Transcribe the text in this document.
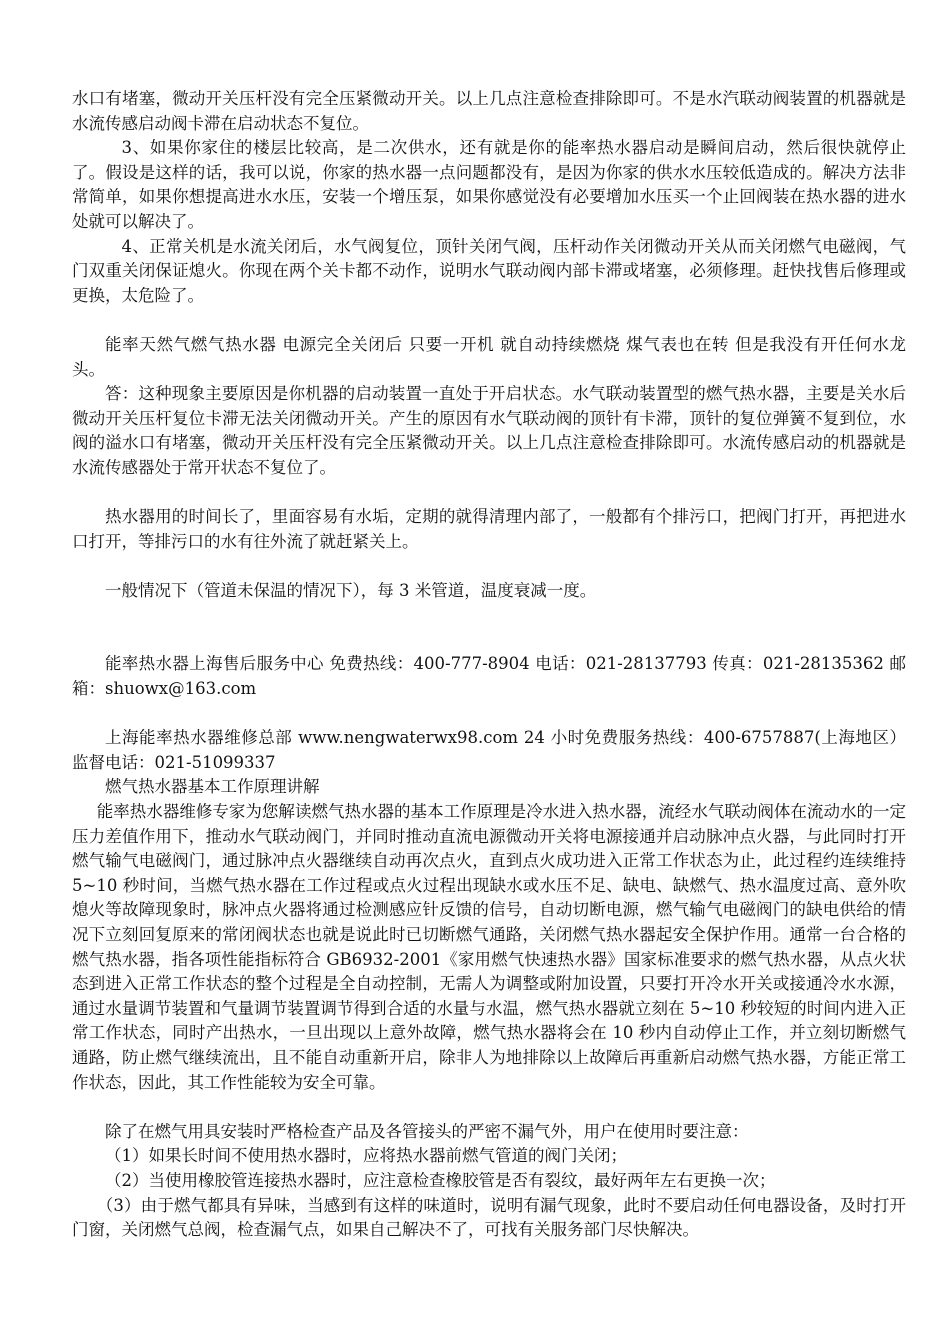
水口有堵塞，微动开关压杆没有完全压紧微动开关。以上几点注意检查排除即可。不是水汽联动阀装置的机器就是水流传感启动阀卡滞在启动状态不复位。

3、如果你家住的楼层比较高，是二次供水，还有就是你的能率热水器启动是瞬间启动，然后很快就停止了。假设是这样的话，我可以说，你家的热水器一点问题都没有，是因为你家的供水水压较低造成的。解决方法非常简单，如果你想提高进水水压，安装一个增压泵，如果你感觉没有必要增加水压买一个止回阀装在热水器的进水处就可以解决了。

4、正常关机是水流关闭后，水气阀复位，顶针关闭气阀，压杆动作关闭微动开关从而关闭燃气电磁阀，气门双重关闭保证熄火。你现在两个关卡都不动作，说明水气联动阀内部卡滞或堵塞，必须修理。赶快找售后修理或更换，太危险了。

能率天然气燃气热水器 电源完全关闭后 只要一开机 就自动持续燃烧 煤气表也在转 但是我没有开任何水龙头。

答：这种现象主要原因是你机器的启动装置一直处于开启状态。水气联动装置型的燃气热水器，主要是关水后微动开关压杆复位卡滞无法关闭微动开关。产生的原因有水气联动阀的顶针有卡滞，顶针的复位弹簧不复到位，水阀的溢水口有堵塞，微动开关压杆没有完全压紧微动开关。以上几点注意检查排除即可。水流传感启动的机器就是水流传感器处于常开状态不复位了。

热水器用的时间长了，里面容易有水垢，定期的就得清理内部了，一般都有个排污口，把阀门打开，再把进水口打开，等排污口的水有往外流了就赶紧关上。

一般情况下（管道未保温的情况下），每 3 米管道，温度衰减一度。

能率热水器上海售后服务中心 免费热线：400-777-8904 电话：021-28137793 传真：021-28135362 邮箱：shuowx@163.com

上海能率热水器维修总部 www.nengwaterwx98.com 24 小时免费服务热线：400-6757887(上海地区） 监督电话：021-51099337

燃气热水器基本工作原理讲解

能率热水器维修专家为您解读燃气热水器的基本工作原理是冷水进入热水器，流经水气联动阀体在流动水的一定压力差值作用下，推动水气联动阀门，并同时推动直流电源微动开关将电源接通并启动脉冲点火器，与此同时打开燃气输气电磁阀门，通过脉冲点火器继续自动再次点火，直到点火成功进入正常工作状态为止，此过程约连续维持 5~10 秒时间，当燃气热水器在工作过程或点火过程出现缺水或水压不足、缺电、缺燃气、热水温度过高、意外吹熄火等故障现象时，脉冲点火器将通过检测感应针反馈的信号，自动切断电源，燃气输气电磁阀门的缺电供给的情况下立刻回复原来的常闭阀状态也就是说此时已切断燃气通路，关闭燃气热水器起安全保护作用。通常一台合格的燃气热水器，指各项性能指标符合 GB6932-2001《家用燃气快速热水器》国家标准要求的燃气热水器，从点火状态到进入正常工作状态的整个过程是全自动控制，无需人为调整或附加设置，只要打开冷水开关或接通冷水水源，通过水量调节装置和气量调节装置调节得到合适的水量与水温，燃气热水器就立刻在 5~10 秒较短的时间内进入正常工作状态，同时产出热水，一旦出现以上意外故障，燃气热水器将会在 10 秒内自动停止工作，并立刻切断燃气通路，防止燃气继续流出，且不能自动重新开启，除非人为地排除以上故障后再重新启动燃气热水器，方能正常工作状态，因此，其工作性能较为安全可靠。

除了在燃气用具安装时严格检查产品及各管接头的严密不漏气外，用户在使用时要注意：

（1）如果长时间不使用热水器时，应将热水器前燃气管道的阀门关闭；

（2）当使用橡胶管连接热水器时，应注意检查橡胶管是否有裂纹，最好两年左右更换一次；

（3）由于燃气都具有异味，当感到有这样的味道时，说明有漏气现象，此时不要启动任何电器设备，及时打开门窗，关闭燃气总阀，检查漏气点，如果自己解决不了，可找有关服务部门尽快解决。
